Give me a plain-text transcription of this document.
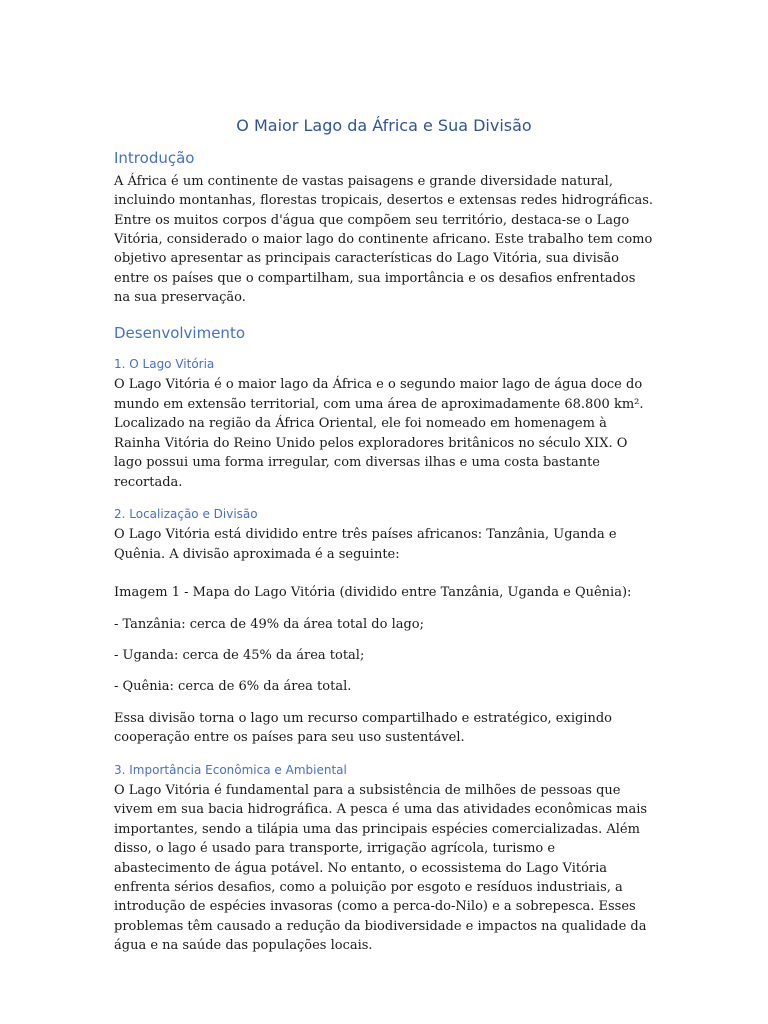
O Maior Lago da África e Sua Divisão
Introdução

A África é um continente de vastas paisagens e grande diversidade natural, incluindo montanhas, florestas tropicais, desertos e extensas redes hidrográficas. Entre os muitos corpos d'água que compõem seu território, destaca-se o Lago Vitória, considerado o maior lago do continente africano. Este trabalho tem como objetivo apresentar as principais características do Lago Vitória, sua divisão entre os países que o compartilham, sua importância e os desafios enfrentados na sua preservação.

Desenvolvimento
1. O Lago Vitória

O Lago Vitória é o maior lago da África e o segundo maior lago de água doce do mundo em extensão territorial, com uma área de aproximadamente 68.800 km². Localizado na região da África Oriental, ele foi nomeado em homenagem à Rainha Vitória do Reino Unido pelos exploradores britânicos no século XIX. O lago possui uma forma irregular, com diversas ilhas e uma costa bastante recortada.

2. Localização e Divisão

O Lago Vitória está dividido entre três países africanos: Tanzânia, Uganda e Quênia. A divisão aproximada é a seguinte:

Imagem 1 - Mapa do Lago Vitória (dividido entre Tanzânia, Uganda e Quênia):

- Tanzânia: cerca de 49% da área total do lago;

- Uganda: cerca de 45% da área total;

- Quênia: cerca de 6% da área total.

Essa divisão torna o lago um recurso compartilhado e estratégico, exigindo cooperação entre os países para seu uso sustentável.

3. Importância Econômica e Ambiental

O Lago Vitória é fundamental para a subsistência de milhões de pessoas que vivem em sua bacia hidrográfica. A pesca é uma das atividades econômicas mais importantes, sendo a tilápia uma das principais espécies comercializadas. Além disso, o lago é usado para transporte, irrigação agrícola, turismo e abastecimento de água potável. No entanto, o ecossistema do Lago Vitória enfrenta sérios desafios, como a poluição por esgoto e resíduos industriais, a introdução de espécies invasoras (como a perca-do-Nilo) e a sobrepesca. Esses problemas têm causado a redução da biodiversidade e impactos na qualidade da água e na saúde das populações locais.
